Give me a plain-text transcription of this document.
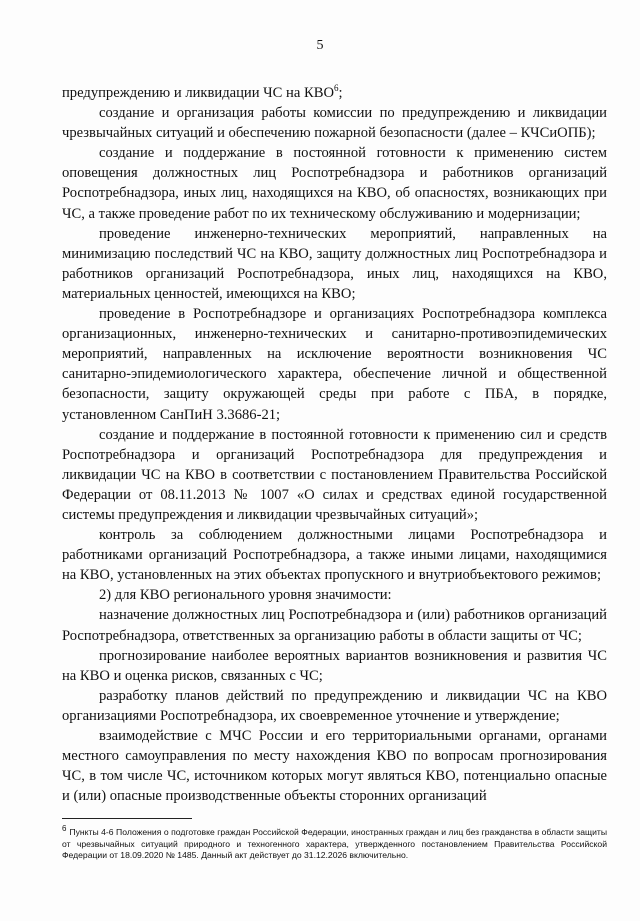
5

предупреждению и ликвидации ЧС на КВО$^6$;

создание и организация работы комиссии по предупреждению и ликвидации чрезвычайных ситуаций и обеспечению пожарной безопасности (далее – КЧСиОПБ);

создание и поддержание в постоянной готовности к применению систем оповещения должностных лиц Роспотребнадзора и работников организаций Роспотребнадзора, иных лиц, находящихся на КВО, об опасностях, возникающих при ЧС, а также проведение работ по их техническому обслуживанию и модернизации;

проведение инженерно-технических мероприятий, направленных на минимизацию последствий ЧС на КВО, защиту должностных лиц Роспотребнадзора и работников организаций Роспотребнадзора, иных лиц, находящихся на КВО, материальных ценностей, имеющихся на КВО;

проведение в Роспотребнадзоре и организациях Роспотребнадзора комплекса организационных, инженерно-технических и санитарно-противоэпидемических мероприятий, направленных на исключение вероятности возникновения ЧС санитарно-эпидемиологического характера, обеспечение личной и общественной безопасности, защиту окружающей среды при работе с ПБА, в порядке, установленном СанПиН 3.3686-21;

создание и поддержание в постоянной готовности к применению сил и средств Роспотребнадзора и организаций Роспотребнадзора для предупреждения и ликвидации ЧС на КВО в соответствии с постановлением Правительства Российской Федерации от 08.11.2013 № 1007 «О силах и средствах единой государственной системы предупреждения и ликвидации чрезвычайных ситуаций»;

контроль за соблюдением должностными лицами Роспотребнадзора и работниками организаций Роспотребнадзора, а также иными лицами, находящимися на КВО, установленных на этих объектах пропускного и внутриобъектового режимов;

2) для КВО регионального уровня значимости:

назначение должностных лиц Роспотребнадзора и (или) работников организаций Роспотребнадзора, ответственных за организацию работы в области защиты от ЧС;

прогнозирование наиболее вероятных вариантов возникновения и развития ЧС на КВО и оценка рисков, связанных с ЧС;

разработку планов действий по предупреждению и ликвидации ЧС на КВО организациями Роспотребнадзора, их своевременное уточнение и утверждение;

взаимодействие с МЧС России и его территориальными органами, органами местного самоуправления по месту нахождения КВО по вопросам прогнозирования ЧС, в том числе ЧС, источником которых могут являться КВО, потенциально опасные и (или) опасные производственные объекты сторонних организаций

6 Пункты 4-6 Положения о подготовке граждан Российской Федерации, иностранных граждан и лиц без гражданства в области защиты от чрезвычайных ситуаций природного и техногенного характера, утвержденного постановлением Правительства Российской Федерации от 18.09.2020 № 1485. Данный акт действует до 31.12.2026 включительно.
